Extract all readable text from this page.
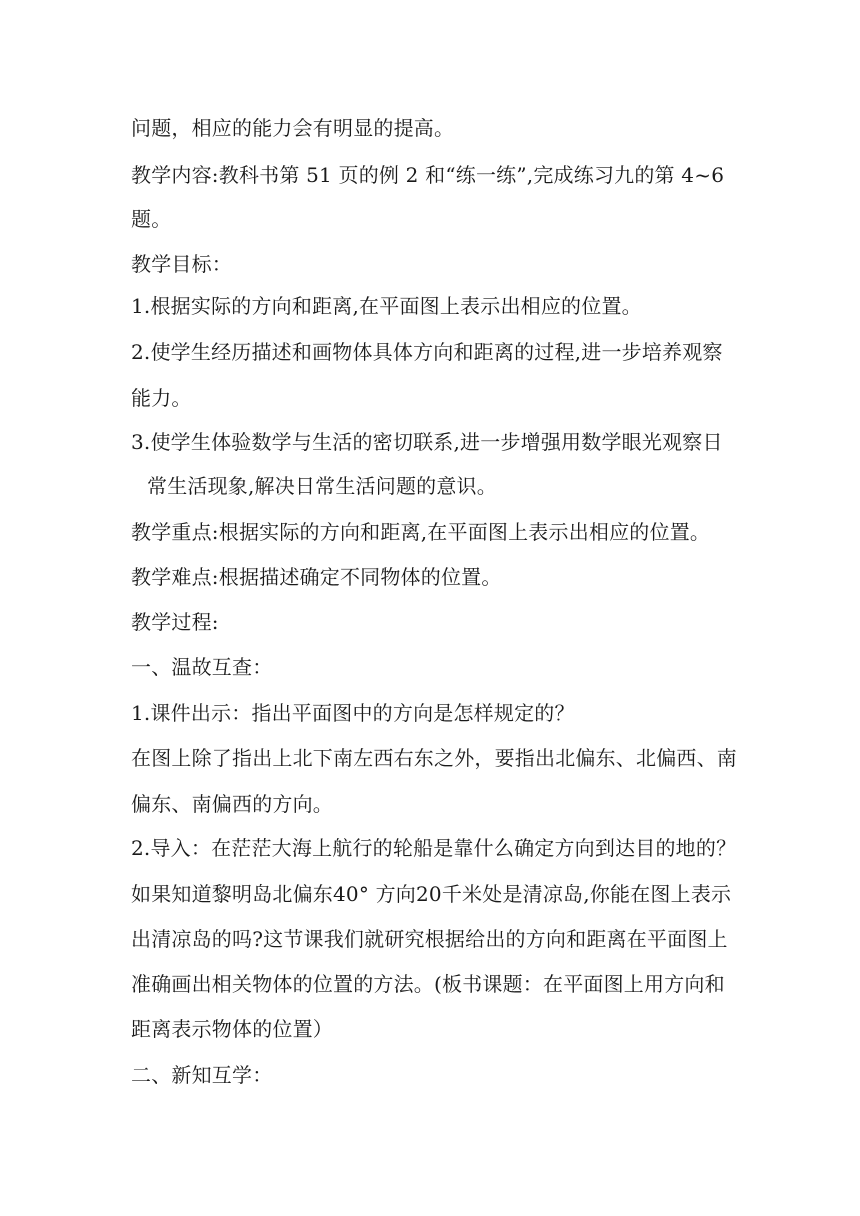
问题，相应的能力会有明显的提高。
教学内容:教科书第 51 页的例 2 和“练一练”,完成练习九的第 4~6
题。
教学目标：
1.根据实际的方向和距离,在平面图上表示出相应的位置。
2.使学生经历描述和画物体具体方向和距离的过程,进一步培养观察
能力。
3.使学生体验数学与生活的密切联系,进一步增强用数学眼光观察日
常生活现象,解决日常生活问题的意识。
教学重点:根据实际的方向和距离,在平面图上表示出相应的位置。
教学难点:根据描述确定不同物体的位置。
教学过程:
一、温故互查：
1.课件出示：指出平面图中的方向是怎样规定的？
在图上除了指出上北下南左西右东之外，要指出北偏东、北偏西、南
偏东、南偏西的方向。
2.导入：在茫茫大海上航行的轮船是靠什么确定方向到达目的地的？
如果知道黎明岛北偏东40° 方向20千米处是清凉岛,你能在图上表示
出清凉岛的吗?这节课我们就研究根据给出的方向和距离在平面图上
准确画出相关物体的位置的方法。(板书课题：在平面图上用方向和
距离表示物体的位置）
二、新知互学：
